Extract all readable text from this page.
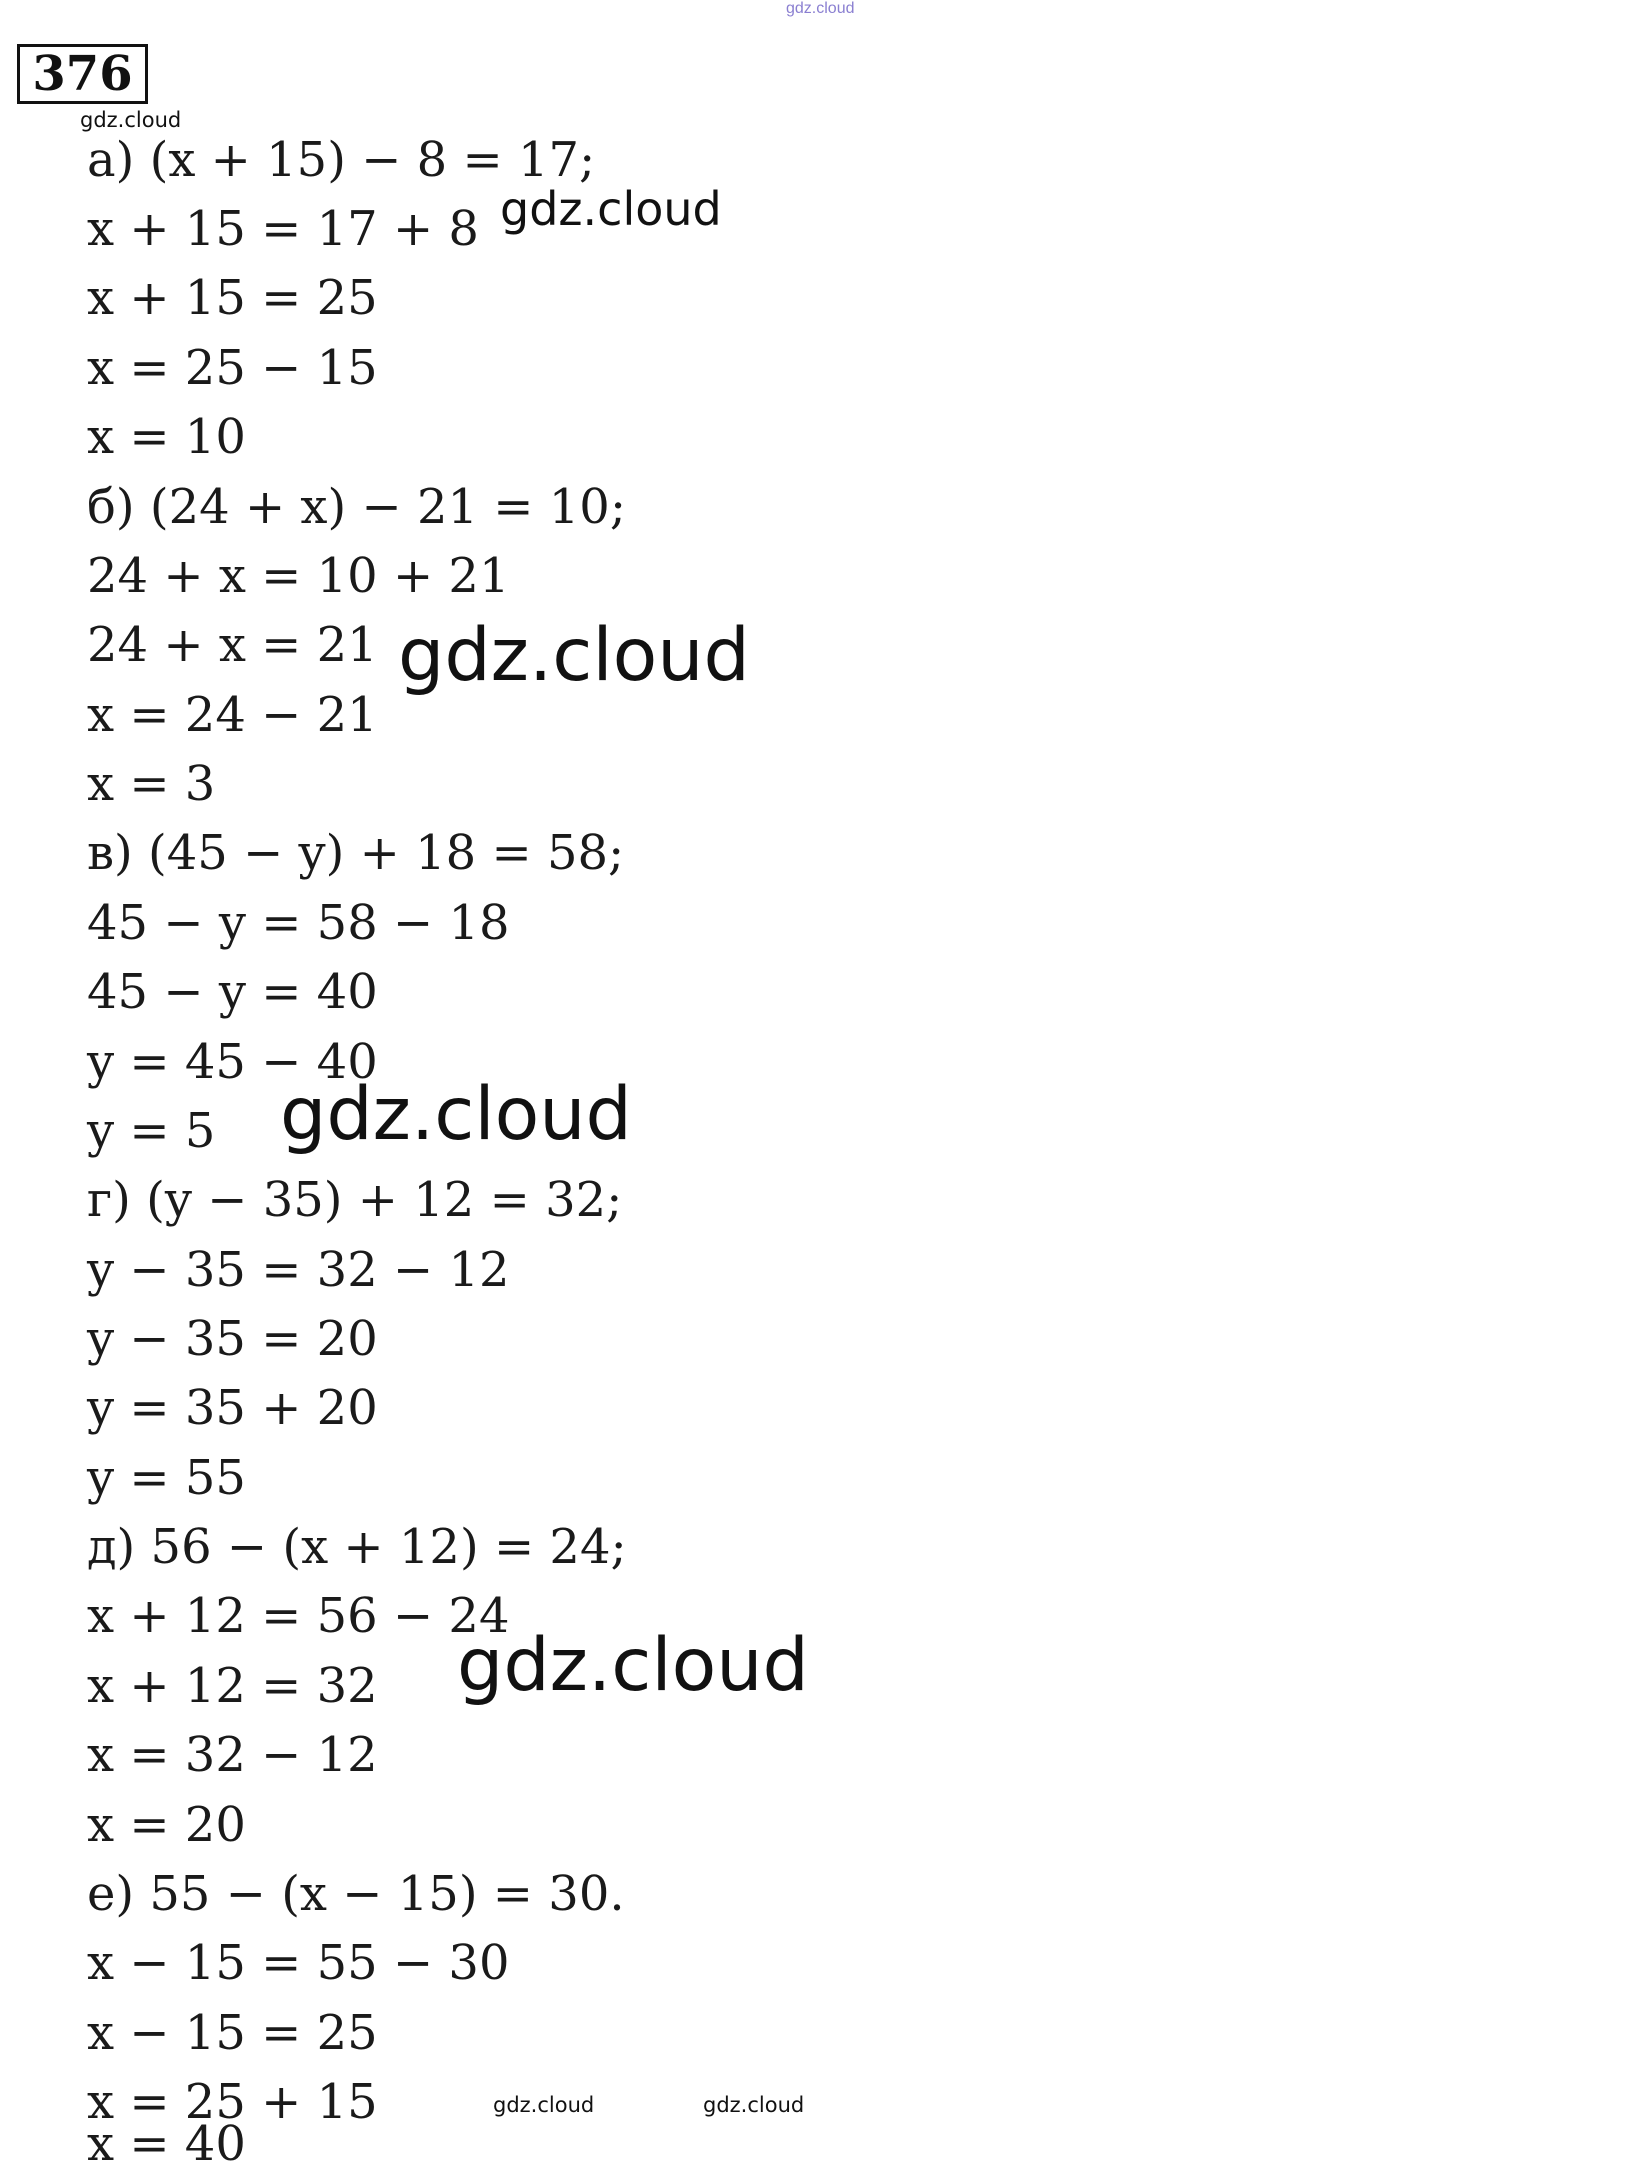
gdz.cloud
376
gdz.cloud
gdz.cloud
gdz.cloud
gdz.cloud
gdz.cloud
gdz.cloud	gdz.cloud
а) (x + 15) − 8 = 17;
x + 15 = 17 + 8
x + 15 = 25
x = 25 − 15
x = 10
б) (24 + x) − 21 = 10;
24 + x = 10 + 21
24 + x = 21
x = 24 − 21
x = 3
в) (45 − y) + 18 = 58;
45 − y = 58 − 18
45 − y = 40
y = 45 − 40
y = 5
г) (y − 35) + 12 = 32;
y − 35 = 32 − 12
y − 35 = 20
y = 35 + 20
y = 55
д) 56 − (x + 12) = 24;
x + 12 = 56 − 24
x + 12 = 32
x = 32 − 12
x = 20
е) 55 − (x − 15) = 30.
x − 15 = 55 − 30
x − 15 = 25
x = 25 + 15
x = 40
